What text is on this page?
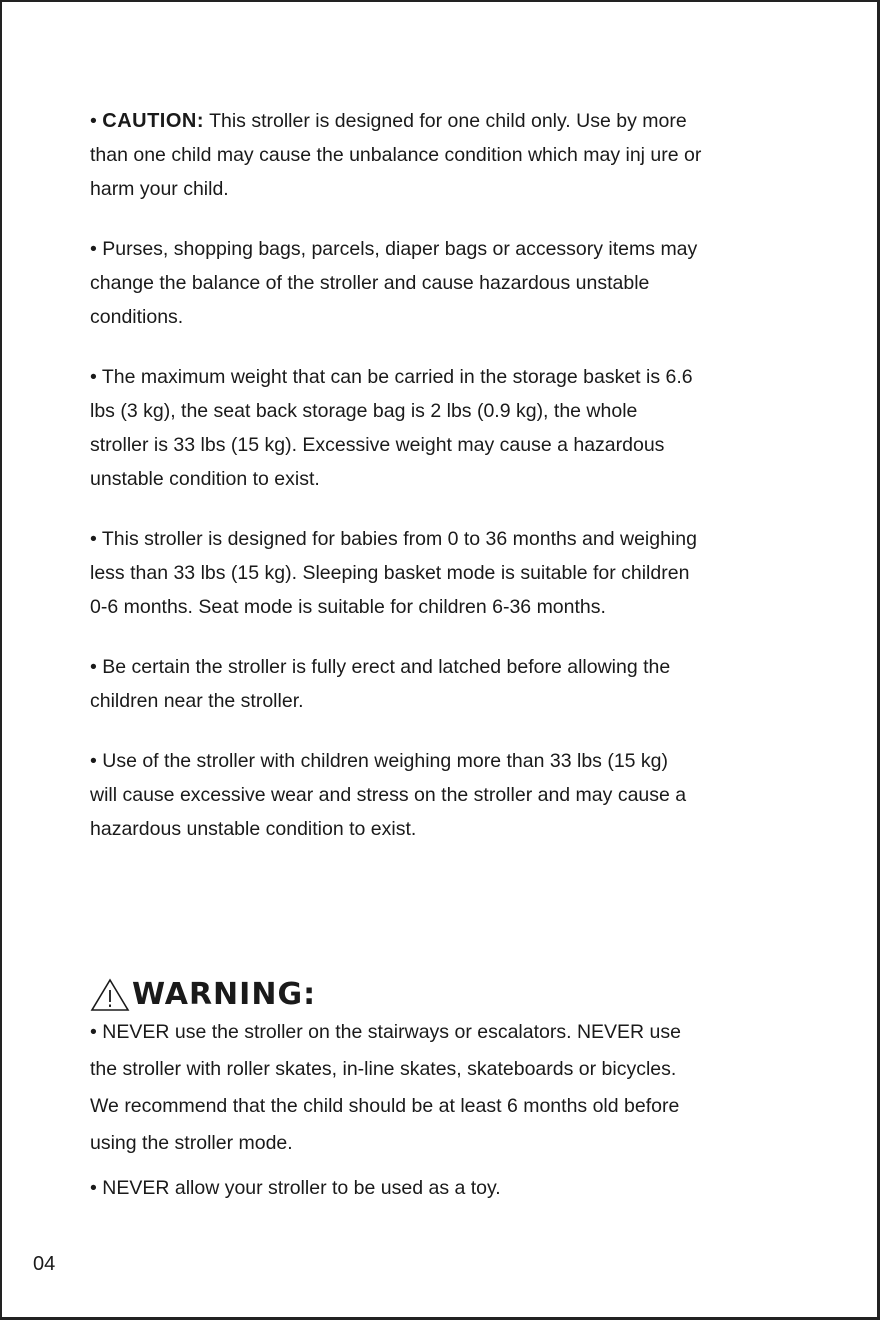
• CAUTION: This stroller is designed for one child only. Use by more
than one child may cause the unbalance condition which may inj ure or
harm your child.

• Purses, shopping bags, parcels, diaper bags or accessory items may
change the balance of the stroller and cause hazardous unstable
conditions.

• The maximum weight that can be carried in the storage basket is 6.6
lbs (3 kg), the seat back storage bag is 2 lbs (0.9 kg), the whole
stroller is 33 lbs (15 kg). Excessive weight may cause a hazardous
unstable condition to exist.

• This stroller is designed for babies from 0 to 36 months and weighing
less than 33 lbs (15 kg). Sleeping basket mode is suitable for children
0-6 months. Seat mode is suitable for children 6-36 months.

• Be certain the stroller is fully erect and latched before allowing the
children near the stroller.

• Use of the stroller with children weighing more than 33 lbs (15 kg)
will cause excessive wear and stress on the stroller and may cause a
hazardous unstable condition to exist.

WARNING:

• NEVER use the stroller on the stairways or escalators. NEVER use
the stroller with roller skates, in-line skates, skateboards or bicycles.
We recommend that the child should be at least 6 months old before
using the stroller mode.

• NEVER allow your stroller to be used as a toy.

04
